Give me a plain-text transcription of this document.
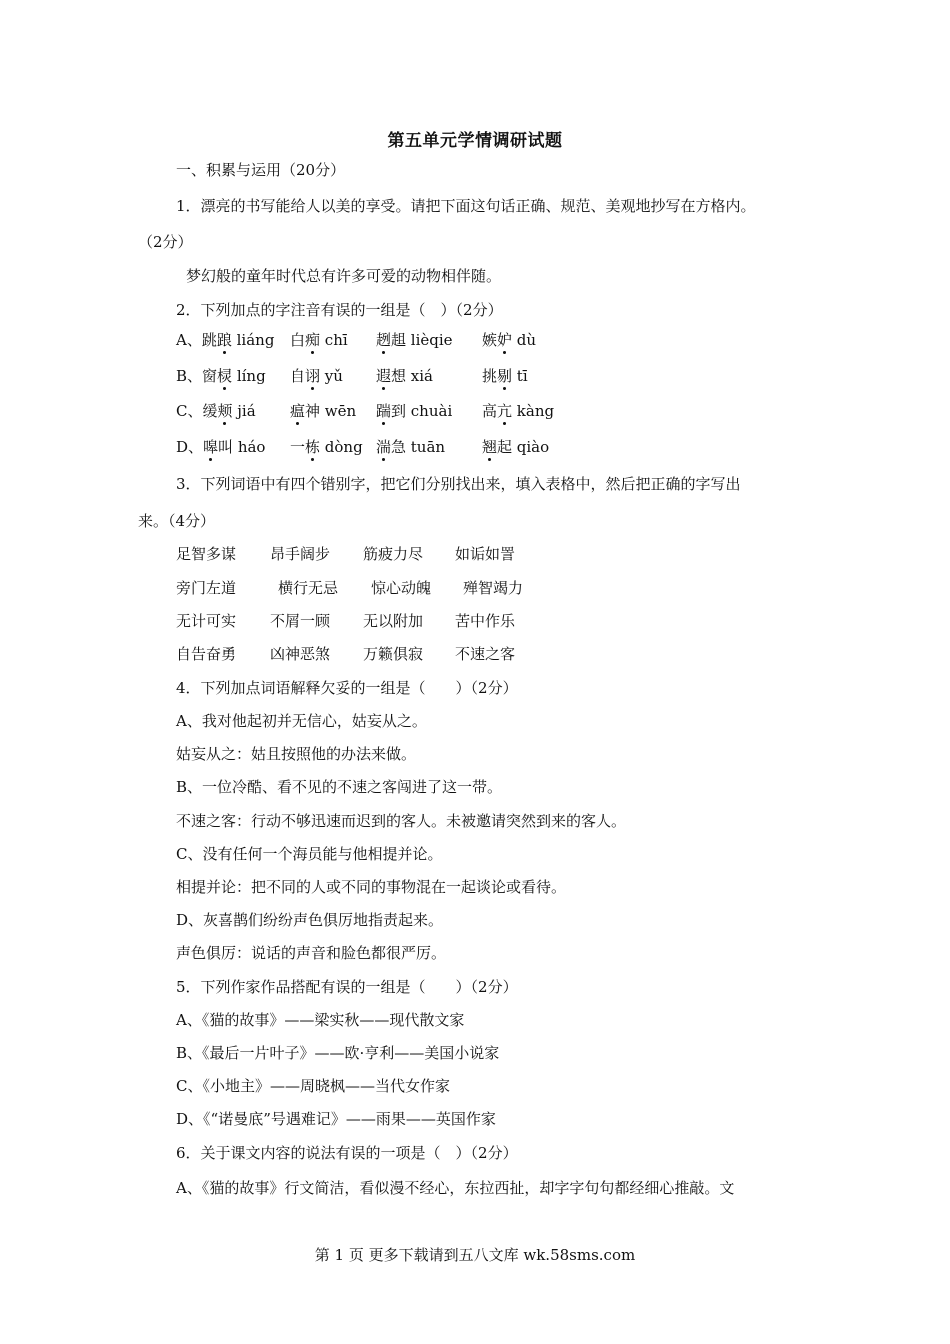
第五单元学情调研试题
一、积累与运用（20分）
1．漂亮的书写能给人以美的享受。请把下面这句话正确、规范、美观地抄写在方格内。
（2分）
梦幻般的童年时代总有许多可爱的动物相伴随。
2．下列加点的字注音有误的一组是（　）（2分）
A、跳踉 liáng 白痴 chī 趔趄 lièqie 嫉妒 dù
B、窗棂 líng 自诩 yǔ 遐想 xiá	挑剔 tī
C、缓颊 jiá 瘟神 wēn 踹到 chuài 高亢 kàng
D、嗥叫 háo 一栋 dòng 湍急 tuān 翘起 qiào
3．下列词语中有四个错别字，把它们分别找出来，填入表格中，然后把正确的字写出
来。（4分）
足智多谋 昂手阔步 筋疲力尽 如诟如詈
旁门左道	横行无忌 惊心动魄 殚智竭力
无计可实 不屑一顾 无以附加 苦中作乐
自告奋勇 凶神恶煞 万籁俱寂 不速之客
4．下列加点词语解释欠妥的一组是（　　）（2分）
A、我对他起初并无信心，姑妄从之。
姑妄从之：姑且按照他的办法来做。
B、一位冷酷、看不见的不速之客闯进了这一带。
不速之客：行动不够迅速而迟到的客人。未被邀请突然到来的客人。
C、没有任何一个海员能与他相提并论。
相提并论：把不同的人或不同的事物混在一起谈论或看待。
D、灰喜鹊们纷纷声色俱厉地指责起来。
声色俱厉：说话的声音和脸色都很严厉。
5．下列作家作品搭配有误的一组是（　　）（2分）
A、《猫的故事》——梁实秋——现代散文家
B、《最后一片叶子》——欧·亨利——美国小说家
C、《小地主》——周晓枫——当代女作家
D、《“诺曼底”号遇难记》——雨果——英国作家
6．关于课文内容的说法有误的一项是（　）（2分）
A、《猫的故事》行文简洁，看似漫不经心，东拉西扯，却字字句句都经细心推敲。文
第 1 页 更多下载请到五八文库 wk.58sms.com
